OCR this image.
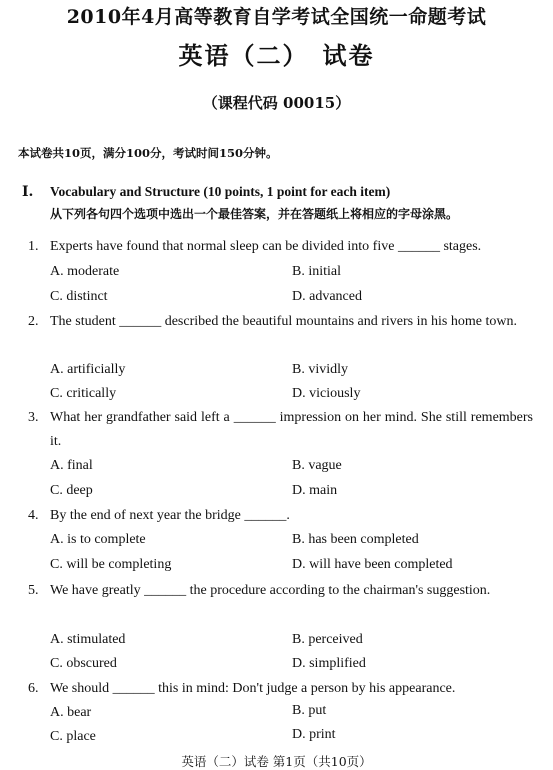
2010年4月高等教育自学考试全国统一命题考试
英语（二）　试卷
（课程代码 00015）
本试卷共10页，满分100分，考试时间150分钟。
Ⅰ. Vocabulary and Structure (10 points, 1 point for each item)
从下列各句四个选项中选出一个最佳答案，并在答题纸上将相应的字母涂黑。
1. Experts have found that normal sleep can be divided into five ______ stages.
A. moderate	B. initial
C. distinct	D. advanced
2. The student ______ described the beautiful mountains and rivers in his home town.
A. artificially	B. vividly
C. critically	D. viciously
3. What her grandfather said left a ______ impression on her mind. She still remembers it.
A. final	B. vague
C. deep	D. main
4. By the end of next year the bridge ______.
A. is to complete	B. has been completed
C. will be completing	D. will have been completed
5. We have greatly ______ the procedure according to the chairman's suggestion.
A. stimulated	B. perceived
C. obscured	D. simplified
6. We should ______ this in mind: Don't judge a person by his appearance.
A. bear	B. put
C. place	D. print
英语（二）试卷 第1页（共10页）
